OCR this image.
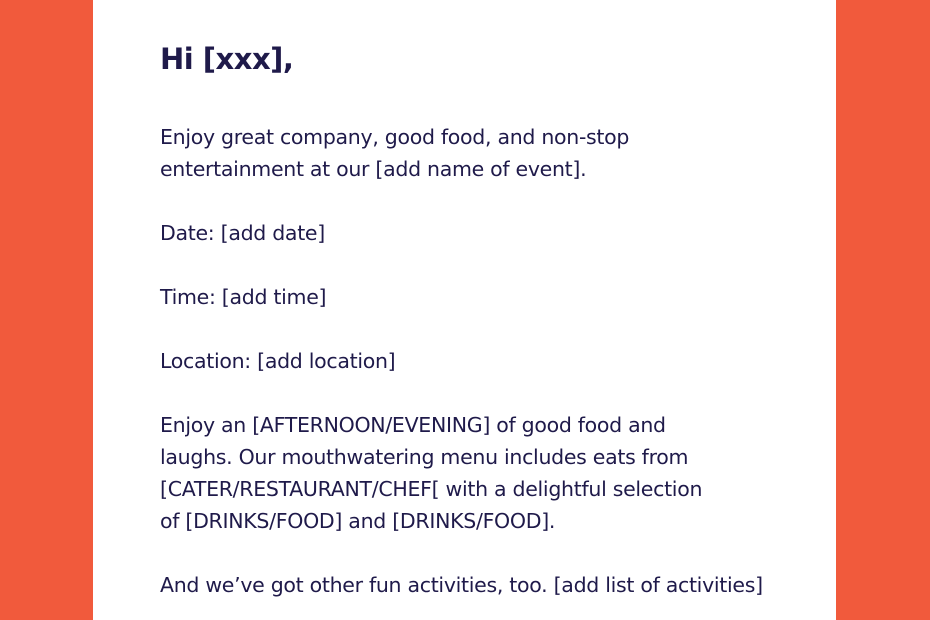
Hi [xxx],

Enjoy great company, good food, and non-stop
entertainment at our [add name of event].

Date: [add date]

Time: [add time]

Location: [add location]

Enjoy an [AFTERNOON/EVENING] of good food and
laughs. Our mouthwatering menu includes eats from
[CATER/RESTAURANT/CHEF[ with a delightful selection
of [DRINKS/FOOD] and [DRINKS/FOOD].

And we’ve got other fun activities, too. [add list of activities]
